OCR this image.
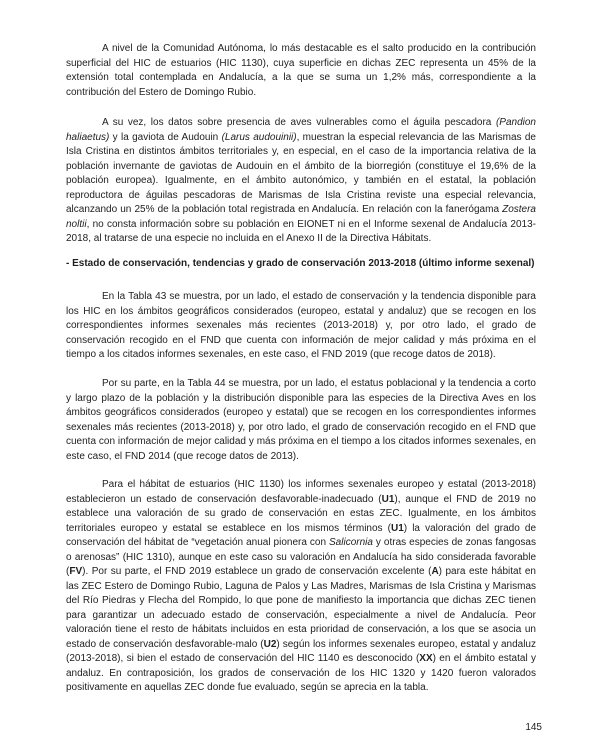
A nivel de la Comunidad Autónoma, lo más destacable es el salto producido en la contribución superficial del HIC de estuarios (HIC 1130), cuya superficie en dichas ZEC representa un 45% de la extensión total contemplada en Andalucía, a la que se suma un 1,2% más, correspondiente a la contribución del Estero de Domingo Rubio.

A su vez, los datos sobre presencia de aves vulnerables como el águila pescadora (Pandion haliaetus) y la gaviota de Audouin (Larus audouinii), muestran la especial relevancia de las Marismas de Isla Cristina en distintos ámbitos territoriales y, en especial, en el caso de la importancia relativa de la población invernante de gaviotas de Audouin en el ámbito de la biorregión (constituye el 19,6% de la población europea). Igualmente, en el ámbito autonómico, y también en el estatal, la población reproductora de águilas pescadoras de Marismas de Isla Cristina reviste una especial relevancia, alcanzando un 25% de la población total registrada en Andalucía. En relación con la fanerógama Zostera noltii, no consta información sobre su población en EIONET ni en el Informe sexenal de Andalucía 2013-2018, al tratarse de una especie no incluida en el Anexo II de la Directiva Hábitats.

- Estado de conservación, tendencias y grado de conservación 2013-2018 (último informe sexenal)

En la Tabla 43 se muestra, por un lado, el estado de conservación y la tendencia disponible para los HIC en los ámbitos geográficos considerados (europeo, estatal y andaluz) que se recogen en los correspondientes informes sexenales más recientes (2013-2018) y, por otro lado, el grado de conservación recogido en el FND que cuenta con información de mejor calidad y más próxima en el tiempo a los citados informes sexenales, en este caso, el FND 2019 (que recoge datos de 2018).

Por su parte, en la Tabla 44 se muestra, por un lado, el estatus poblacional y la tendencia a corto y largo plazo de la población y la distribución disponible para las especies de la Directiva Aves en los ámbitos geográficos considerados (europeo y estatal) que se recogen en los correspondientes informes sexenales más recientes (2013-2018) y, por otro lado, el grado de conservación recogido en el FND que cuenta con información de mejor calidad y más próxima en el tiempo a los citados informes sexenales, en este caso, el FND 2014 (que recoge datos de 2013).

Para el hábitat de estuarios (HIC 1130) los informes sexenales europeo y estatal (2013-2018) establecieron un estado de conservación desfavorable-inadecuado (U1), aunque el FND de 2019 no establece una valoración de su grado de conservación en estas ZEC. Igualmente, en los ámbitos territoriales europeo y estatal se establece en los mismos términos (U1) la valoración del grado de conservación del hábitat de “vegetación anual pionera con Salicornia y otras especies de zonas fangosas o arenosas” (HIC 1310), aunque en este caso su valoración en Andalucía ha sido considerada favorable (FV). Por su parte, el FND 2019 establece un grado de conservación excelente (A) para este hábitat en las ZEC Estero de Domingo Rubio, Laguna de Palos y Las Madres, Marismas de Isla Cristina y Marismas del Río Piedras y Flecha del Rompido, lo que pone de manifiesto la importancia que dichas ZEC tienen para garantizar un adecuado estado de conservación, especialmente a nivel de Andalucía. Peor valoración tiene el resto de hábitats incluidos en esta prioridad de conservación, a los que se asocia un estado de conservación desfavorable-malo (U2) según los informes sexenales europeo, estatal y andaluz (2013-2018), si bien el estado de conservación del HIC 1140 es desconocido (XX) en el ámbito estatal y andaluz. En contraposición, los grados de conservación de los HIC 1320 y 1420 fueron valorados positivamente en aquellas ZEC donde fue evaluado, según se aprecia en la tabla.

145
